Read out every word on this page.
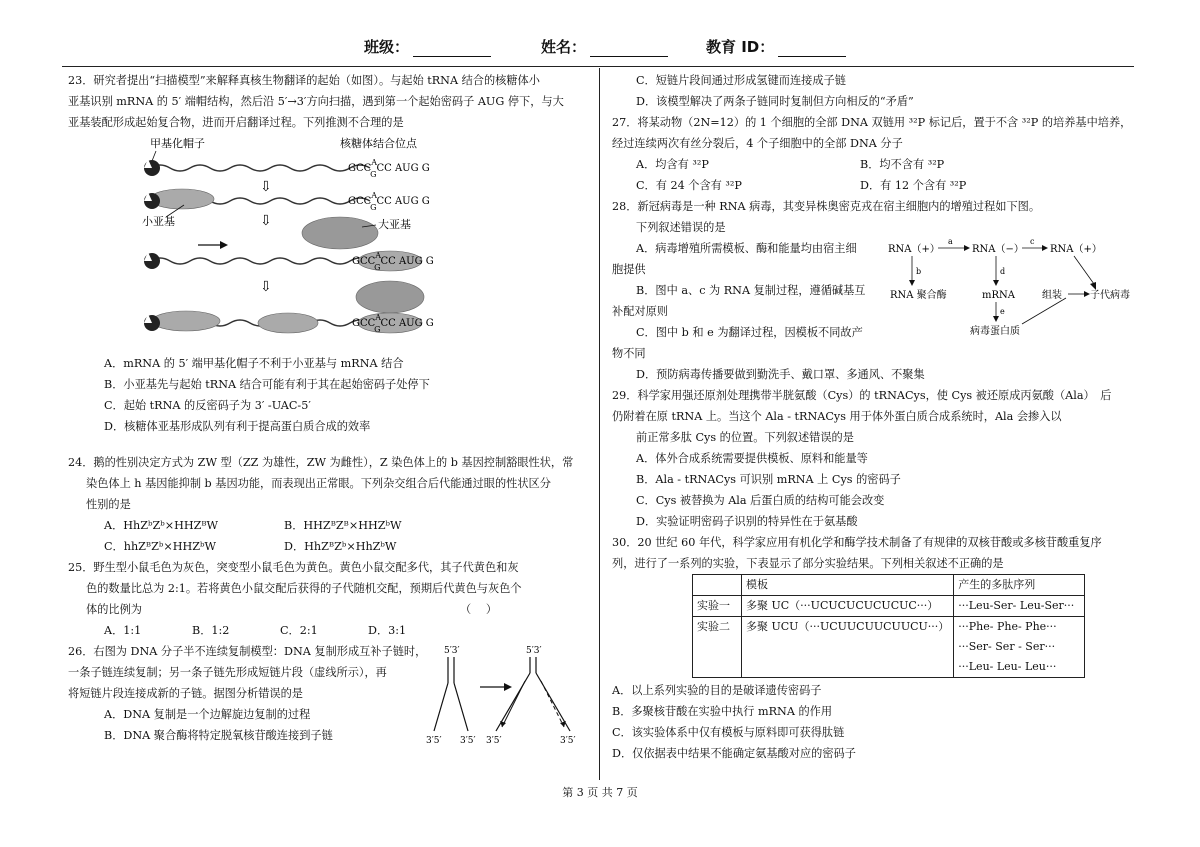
班级：	姓名：	教育 ID：

23．研究者提出“扫描模型”来解释真核生物翻译的起始（如图）。与起始 tRNA 结合的核糖体小

亚基识别 mRNA 的 5′ 端帽结构，然后沿 5′→3′方向扫描，遇到第一个起始密码子 AUG 停下，与大

亚基装配形成起始复合物，进而开启翻译过程。下列推测不合理的是

甲基化帽子	核糖体结合位点
$GCC^A$ GCC AUG G
⇩
$GCC^A$ GCC AUG G
小亚基	⇩	大亚基
$GCC^A$ GCC AUG G
⇩
$GCC^A$ GCC AUG G

A．mRNA 的 5′ 端甲基化帽子不利于小亚基与 mRNA 结合

B．小亚基先与起始 tRNA 结合可能有利于其在起始密码子处停下

C．起始 tRNA 的反密码子为 3′ -UAC-5′

D．核糖体亚基形成队列有利于提高蛋白质合成的效率

24．鹅的性别决定方式为 ZW 型（ZZ 为雄性，ZW 为雌性），Z 染色体上的 b 基因控制豁眼性状，常

染色体上 h 基因能抑制 b 基因功能，而表现出正常眼。下列杂交组合后代能通过眼的性状区分

性别的是

A．HhZᵇZᵇ×HHZᴮW	B．HHZᴮZᴮ×HHZᵇW
C．hhZᴮZᵇ×HHZᵇW	D．HhZᴮZᵇ×HhZᵇW

25．野生型小鼠毛色为灰色，突变型小鼠毛色为黄色。黄色小鼠交配多代，其子代黄色和灰

色的数量比总为 2:1。若将黄色小鼠交配后获得的子代随机交配，预期后代黄色与灰色个

体的比例为	（　 ）

A．1:1	B．1:2	C．2:1	D．3:1

26．右图为 DNA 分子半不连续复制模型：DNA 复制形成互补子链时，

一条子链连续复制；另一条子链先形成短链片段（虚线所示），再

将短链片段连接成新的子链。据图分析错误的是

A．DNA 复制是一个边解旋边复制的过程

B．DNA 聚合酶将特定脱氧核苷酸连接到子链

5′3′
3′5′ 3′5′
5′3′
3′5′	3′5′

C．短链片段间通过形成氢键而连接成子链

D．该模型解决了两条子链同时复制但方向相反的“矛盾”

27．将某动物（2N=12）的 1 个细胞的全部 DNA 双链用 ³²P 标记后，置于不含 ³²P 的培养基中培养，

经过连续两次有丝分裂后，4 个子细胞中的全部 DNA 分子

A．均含有 ³²P	B．均不含有 ³²P
C．有 24 个含有 ³²P	D．有 12 个含有 ³²P

28．新冠病毒是一种 RNA 病毒，其变异株奥密克戎在宿主细胞内的增殖过程如下图。

下列叙述错误的是

A．病毒增殖所需模板、酶和能量均由宿主细

胞提供

B．图中 a、c 为 RNA 复制过程，遵循碱基互

补配对原则

C．图中 b 和 e 为翻译过程，因模板不同故产

物不同

D．预防病毒传播要做到勤洗手、戴口罩、多通风、不聚集

RNA（+）
a
RNA（−）
c
RNA（+）
b
RNA 聚合酶
d
mRNA
e
病毒蛋白质
组装	子代病毒

29．科学家用强还原剂处理携带半胱氨酸（Cys）的 tRNACys，使 Cys 被还原成丙氨酸（Ala）　后

仍附着在原 tRNA 上。当这个 Ala - tRNACys 用于体外蛋白质合成系统时，Ala 会掺入以

前正常多肽 Cys 的位置。下列叙述错误的是

A．体外合成系统需要提供模板、原料和能量等

B．Ala - tRNACys 可识别 mRNA 上 Cys 的密码子

C．Cys 被替换为 Ala 后蛋白质的结构可能会改变

D．实验证明密码子识别的特异性在于氨基酸

30．20 世纪 60 年代，科学家应用有机化学和酶学技术制备了有规律的双核苷酸或多核苷酸重复序

列，进行了一系列的实验，下表显示了部分实验结果。下列相关叙述不正确的是

	模板	产生的多肽序列
实验一	多聚 UC（···UCUCUCUCUCUC···）	···Leu-Ser- Leu-Ser···
实验二	多聚 UCU（···UCUUCUUCUUCU···）	···Phe- Phe- Phe···
···Ser- Ser - Ser···
···Leu- Leu- Leu···

A．以上系列实验的目的是破译遗传密码子

B．多聚核苷酸在实验中执行 mRNA 的作用

C．该实验体系中仅有模板与原料即可获得肽链

D．仅依据表中结果不能确定氨基酸对应的密码子

第 3 页 共 7 页
